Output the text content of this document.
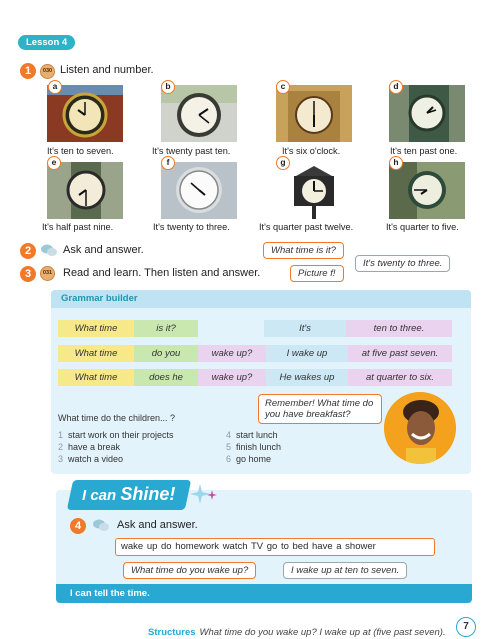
Lesson 4
1	030 Listen and number.
a	b	c	d
It's ten to seven.	It's twenty past ten.	It's six o'clock.	It's ten past one.
e	f	g	h
It's half past nine.	It's twenty to three.	It's quarter past twelve.	It's quarter to five.
2	Ask and answer.	What time is it?
It's twenty to three.
3	031 Read and learn. Then listen and answer.	Picture f!
Grammar builder
What time	is it?	It's	ten to three.
What time	do you	wake up?	I wake up	at five past seven.
What time	does he	wake up?	He wakes up	at quarter to six.
Remember! What time do you have breakfast?
What time do the children... ?
1 start work on their projects
2 have a break
3 watch a video
4 start lunch
5 finish lunch
6 go home
I can Shine!
4	Ask and answer.
wake up do homework watch TV go to bed have a shower
What time do you wake up?	I wake up at ten to seven.
I can tell the time.
Structures What time do you wake up? I wake up at (five past seven).
7
